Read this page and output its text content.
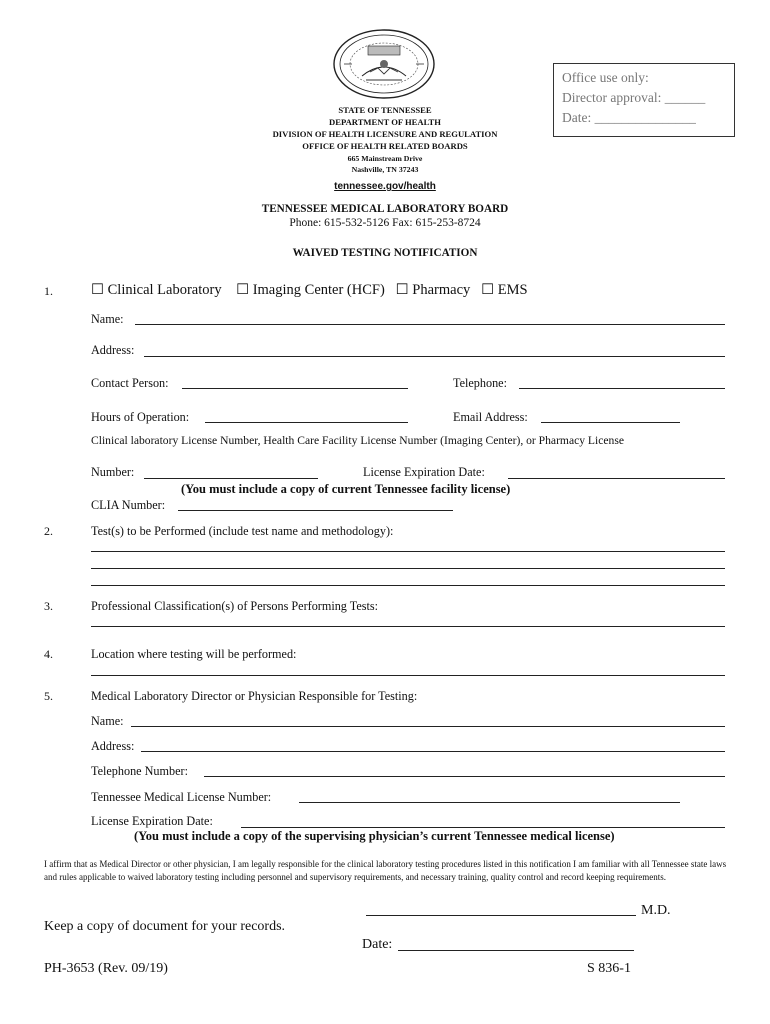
Office use only:
Director approval: ______
Date: _______________
STATE OF TENNESSEE
DEPARTMENT OF HEALTH
DIVISION OF HEALTH LICENSURE AND REGULATION
OFFICE OF HEALTH RELATED BOARDS
665 Mainstream Drive
Nashville, TN 37243
tennessee.gov/health
TENNESSEE MEDICAL LABORATORY BOARD
Phone: 615-532-5126 Fax: 615-253-8724
WAIVED TESTING NOTIFICATION
1.	☐ Clinical Laboratory ☐ Imaging Center (HCF) ☐ Pharmacy ☐ EMS
Name:
Address:
Contact Person:	Telephone:
Hours of Operation:	Email Address:
Clinical laboratory License Number, Health Care Facility License Number (Imaging Center), or Pharmacy License
Number:	License Expiration Date:
(You must include a copy of current Tennessee facility license)
CLIA Number:
2.	Test(s) to be Performed (include test name and methodology):
3.	Professional Classification(s) of Persons Performing Tests:
4.	Location where testing will be performed:
5.	Medical Laboratory Director or Physician Responsible for Testing:
Name:
Address:
Telephone Number:
Tennessee Medical License Number:
License Expiration Date:
(You must include a copy of the supervising physician’s current Tennessee medical license)
I affirm that as Medical Director or other physician, I am legally responsible for the clinical laboratory testing procedures listed in this notification I am familiar with all Tennessee state laws and rules applicable to waived laboratory testing including personnel and supervisory requirements, and necessary training, quality control and record keeping requirements.
M.D.
Keep a copy of document for your records.
Date:
PH-3653 (Rev. 09/19)	S 836-1
